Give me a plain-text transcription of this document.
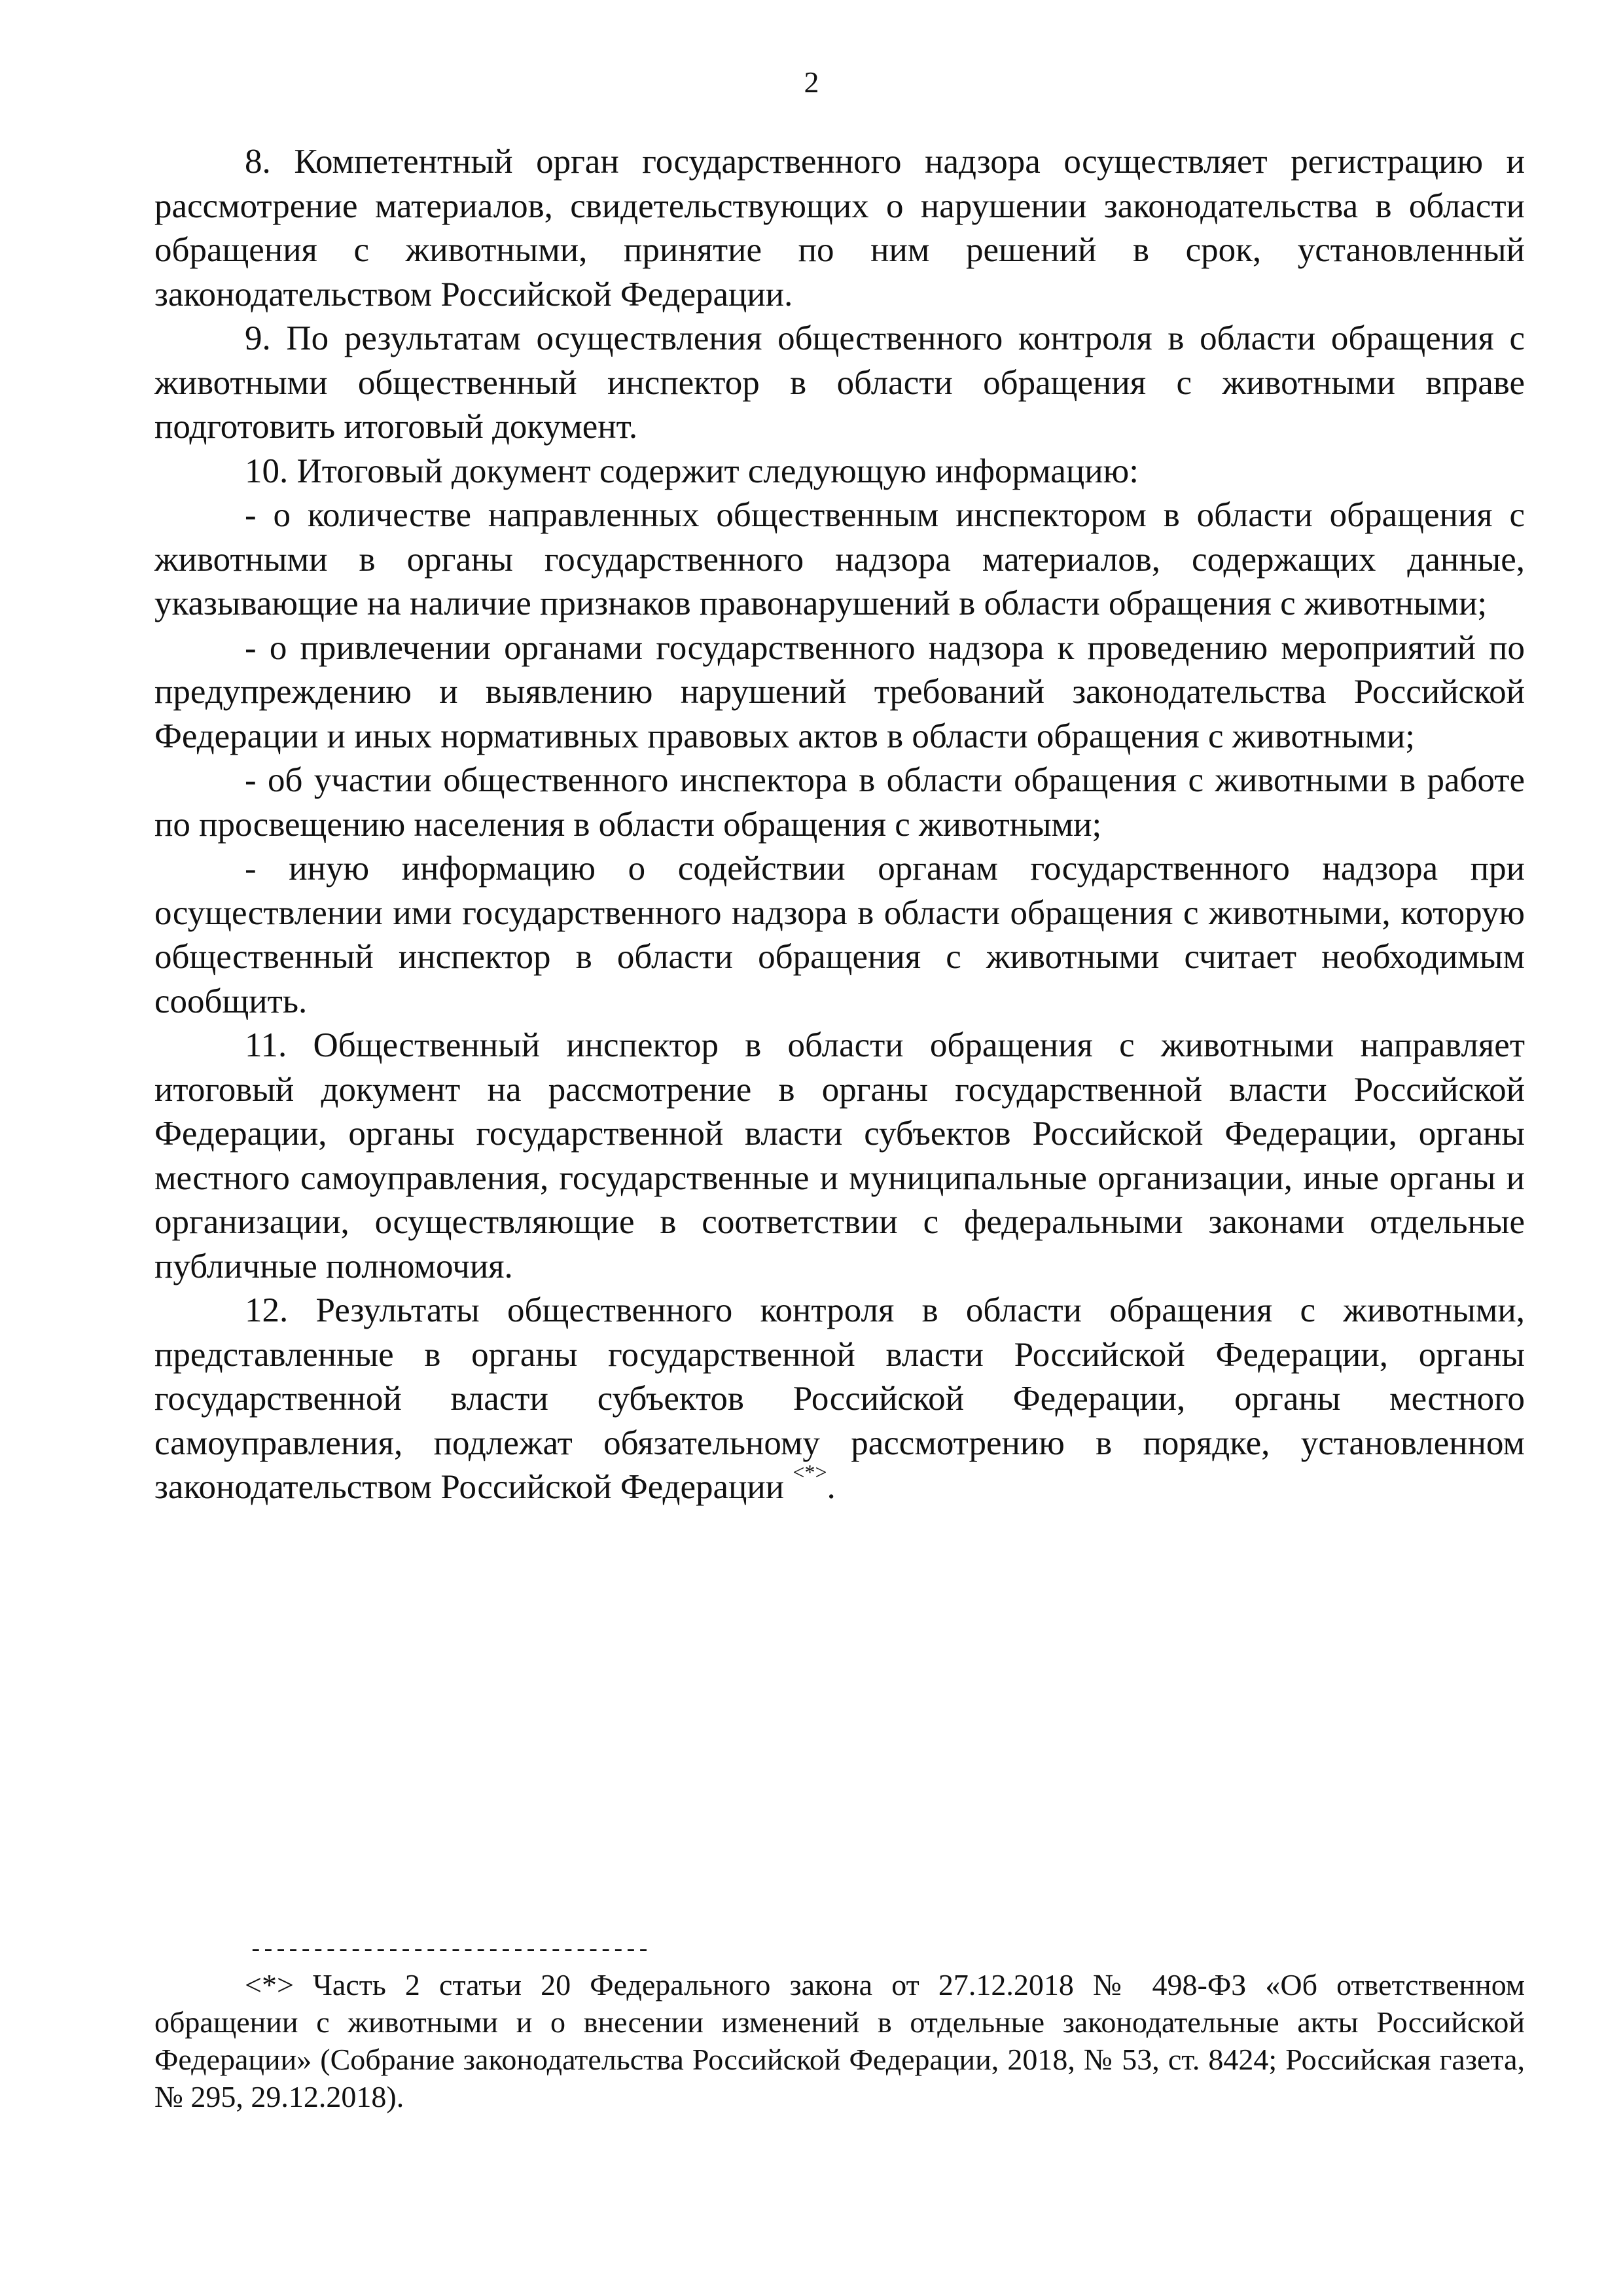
2

8. Компетентный орган государственного надзора осуществляет регистрацию и рассмотрение материалов, свидетельствующих о нарушении законодательства в области обращения с животными, принятие по ним решений в срок, установленный законодательством Российской Федерации.

9. По результатам осуществления общественного контроля в области обращения с животными общественный инспектор в области обращения с животными вправе подготовить итоговый документ.

10. Итоговый документ содержит следующую информацию:

- о количестве направленных общественным инспектором в области обращения с животными в органы государственного надзора материалов, содержащих данные, указывающие на наличие признаков правонарушений в области обращения с животными;

- о привлечении органами государственного надзора к проведению мероприятий по предупреждению и выявлению нарушений требований законодательства Российской Федерации и иных нормативных правовых актов в области обращения с животными;

- об участии общественного инспектора в области обращения с животными в работе по просвещению населения в области обращения с животными;

- иную информацию о содействии органам государственного надзора при осуществлении ими государственного надзора в области обращения с животными, которую общественный инспектор в области обращения с животными считает необходимым сообщить.

11. Общественный инспектор в области обращения с животными направляет итоговый документ на рассмотрение в органы государственной власти Российской Федерации, органы государственной власти субъектов Российской Федерации, органы местного самоуправления, государственные и муниципальные организации, иные органы и организации, осуществляющие в соответствии с федеральными законами отдельные публичные полномочия.

12. Результаты общественного контроля в области обращения с животными, представленные в органы государственной власти Российской Федерации, органы государственной власти субъектов Российской Федерации, органы местного самоуправления, подлежат обязательному рассмотрению в порядке, установленном законодательством Российской Федерации <*>.

--------------------------------

<*> Часть 2 статьи 20 Федерального закона от 27.12.2018 № 498-ФЗ «Об ответственном обращении с животными и о внесении изменений в отдельные законодательные акты Российской Федерации» (Собрание законодательства Российской Федерации, 2018, № 53, ст. 8424; Российская газета, № 295, 29.12.2018).
